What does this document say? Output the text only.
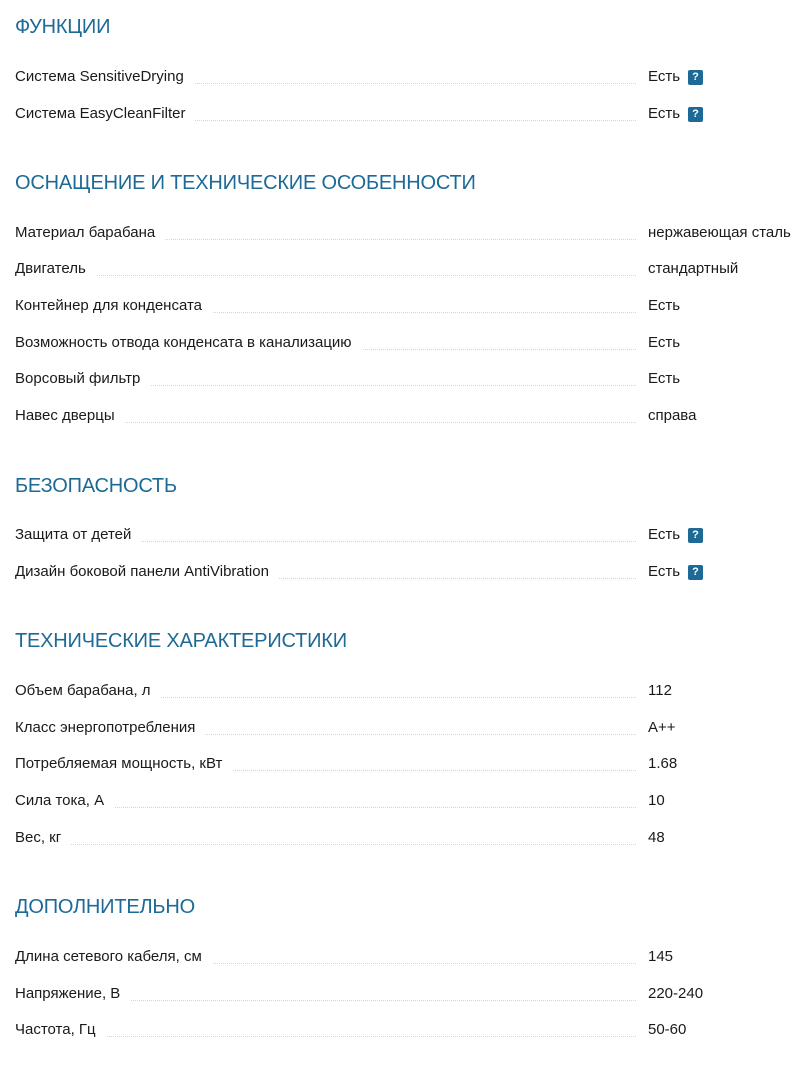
ФУНКЦИИ
Система SensitiveDrying	Есть ?
Система EasyCleanFilter	Есть ?
ОСНАЩЕНИЕ И ТЕХНИЧЕСКИЕ ОСОБЕННОСТИ
Материал барабана	нержавеющая сталь
Двигатель	стандартный
Контейнер для конденсата	Есть
Возможность отвода конденсата в канализацию	Есть
Ворсовый фильтр	Есть
Навес дверцы	справа
БЕЗОПАСНОСТЬ
Защита от детей	Есть ?
Дизайн боковой панели AntiVibration	Есть ?
ТЕХНИЧЕСКИЕ ХАРАКТЕРИСТИКИ
Объем барабана, л	112
Класс энергопотребления	A++
Потребляемая мощность, кВт	1.68
Сила тока, А	10
Вес, кг	48
ДОПОЛНИТЕЛЬНО
Длина сетевого кабеля, см	145
Напряжение, В	220-240
Частота, Гц	50-60
